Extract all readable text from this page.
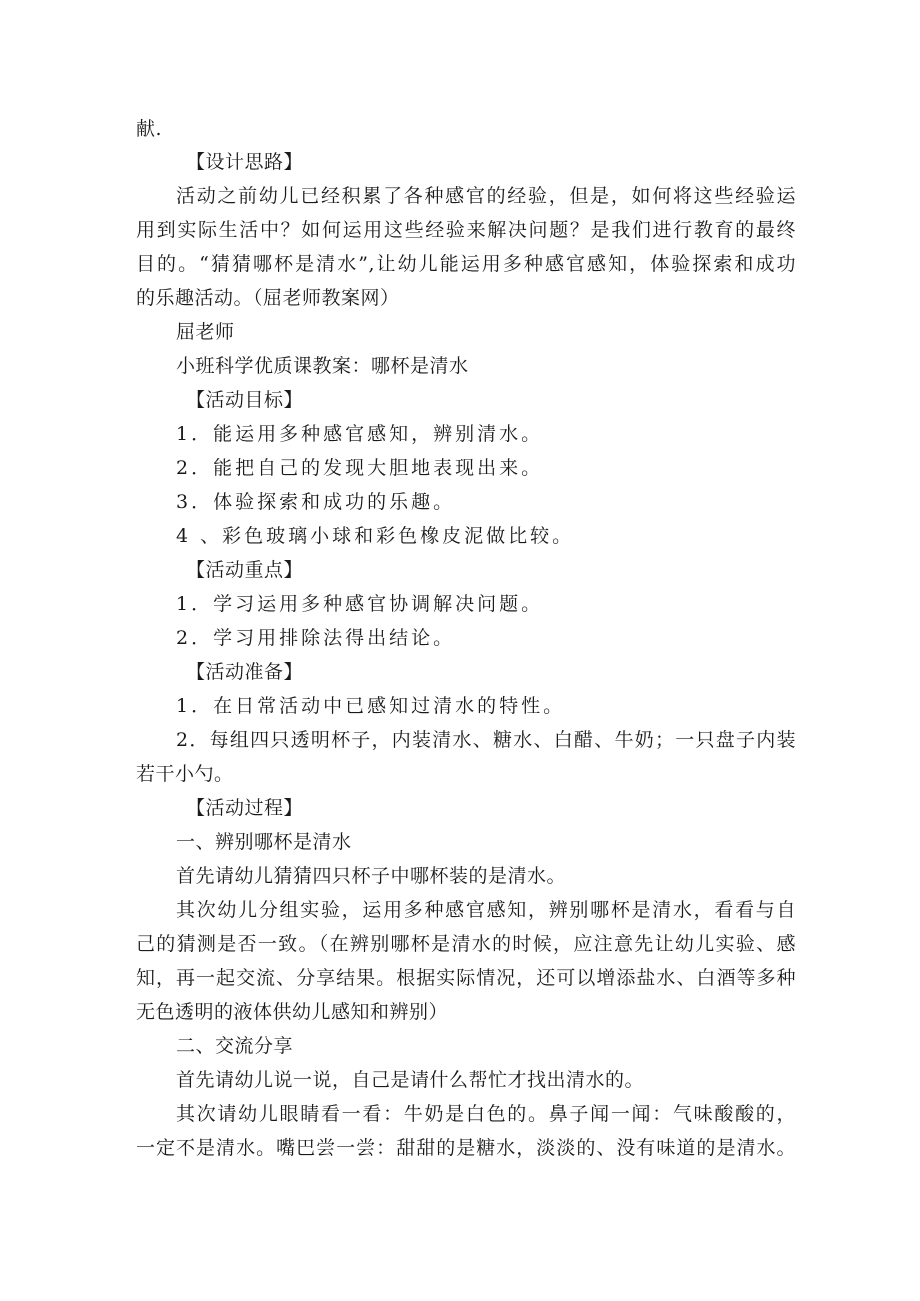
献.
【设计思路】
活动之前幼儿已经积累了各种感官的经验，但是，如何将这些经验运
用到实际生活中？如何运用这些经验来解决问题？是我们进行教育的最终
目的。“猜猜哪杯是清水”,让幼儿能运用多种感官感知，体验探索和成功
的乐趣活动。（屈老师教案网）
屈老师
小班科学优质课教案：哪杯是清水
【活动目标】
1．能运用多种感官感知，辨别清水。
2．能把自己的发现大胆地表现出来。
3．体验探索和成功的乐趣。
4 、彩色玻璃小球和彩色橡皮泥做比较。
【活动重点】
1．学习运用多种感官协调解决问题。
2．学习用排除法得出结论。
【活动准备】
1．在日常活动中已感知过清水的特性。
2．每组四只透明杯子，内装清水、糖水、白醋、牛奶；一只盘子内装
若干小勺。
【活动过程】
一、辨别哪杯是清水
首先请幼儿猜猜四只杯子中哪杯装的是清水。
其次幼儿分组实验，运用多种感官感知，辨别哪杯是清水，看看与自
己的猜测是否一致。（在辨别哪杯是清水的时候，应注意先让幼儿实验、感
知，再一起交流、分享结果。根据实际情况，还可以增添盐水、白酒等多种
无色透明的液体供幼儿感知和辨别）
二、交流分享
首先请幼儿说一说，自己是请什么帮忙才找出清水的。
其次请幼儿眼睛看一看：牛奶是白色的。鼻子闻一闻：气味酸酸的，
一定不是清水。嘴巴尝一尝：甜甜的是糖水，淡淡的、没有味道的是清水。
